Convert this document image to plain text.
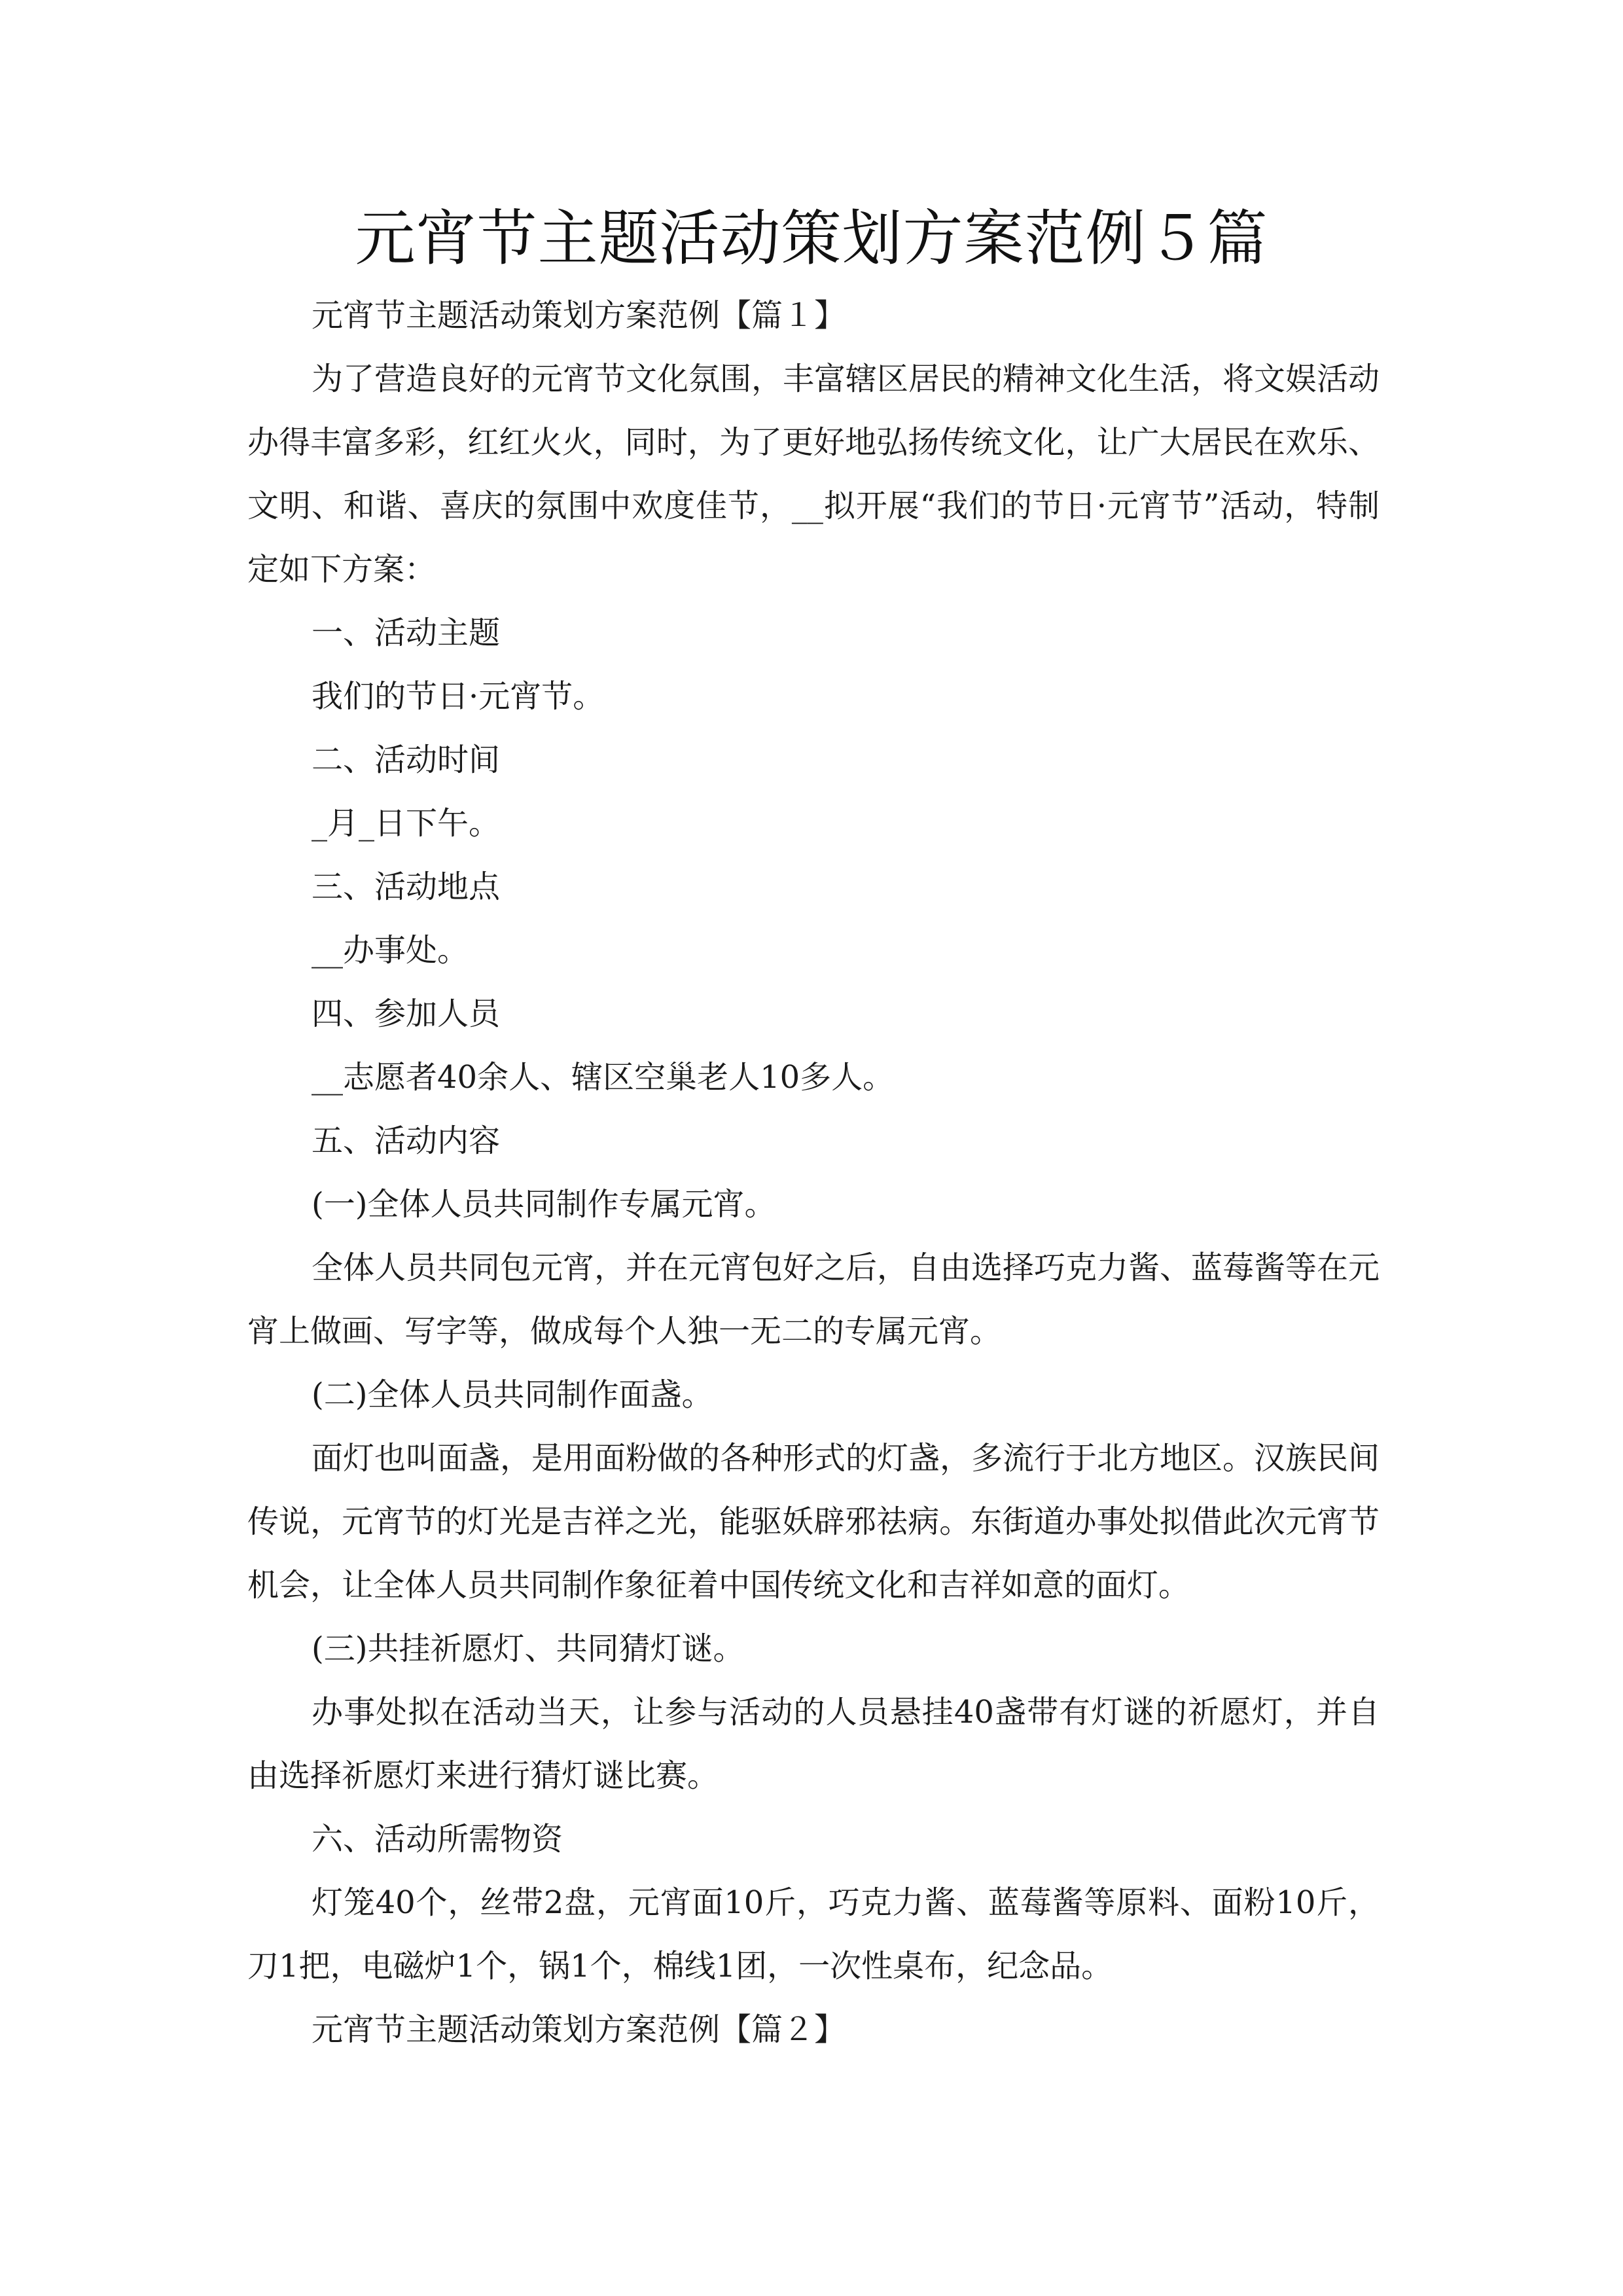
元宵节主题活动策划方案范例５篇

元宵节主题活动策划方案范例【篇１】

为了营造良好的元宵节文化氛围，丰富辖区居民的精神文化生活，将文娱活动办得丰富多彩，红红火火，同时，为了更好地弘扬传统文化，让广大居民在欢乐、文明、和谐、喜庆的氛围中欢度佳节，__拟开展“我们的节日·元宵节”活动，特制定如下方案：

一、活动主题

我们的节日·元宵节。

二、活动时间

_月_日下午。

三、活动地点

__办事处。

四、参加人员

__志愿者40余人、辖区空巢老人10多人。

五、活动内容

(一)全体人员共同制作专属元宵。

全体人员共同包元宵，并在元宵包好之后，自由选择巧克力酱、蓝莓酱等在元宵上做画、写字等，做成每个人独一无二的专属元宵。

(二)全体人员共同制作面盏。

面灯也叫面盏，是用面粉做的各种形式的灯盏，多流行于北方地区。汉族民间传说，元宵节的灯光是吉祥之光，能驱妖辟邪祛病。东街道办事处拟借此次元宵节机会，让全体人员共同制作象征着中国传统文化和吉祥如意的面灯。

(三)共挂祈愿灯、共同猜灯谜。

办事处拟在活动当天，让参与活动的人员悬挂40盏带有灯谜的祈愿灯，并自由选择祈愿灯来进行猜灯谜比赛。

六、活动所需物资

灯笼40个，丝带2盘，元宵面10斤，巧克力酱、蓝莓酱等原料、面粉10斤，刀1把，电磁炉1个，锅1个，棉线1团，一次性桌布，纪念品。

元宵节主题活动策划方案范例【篇２】
